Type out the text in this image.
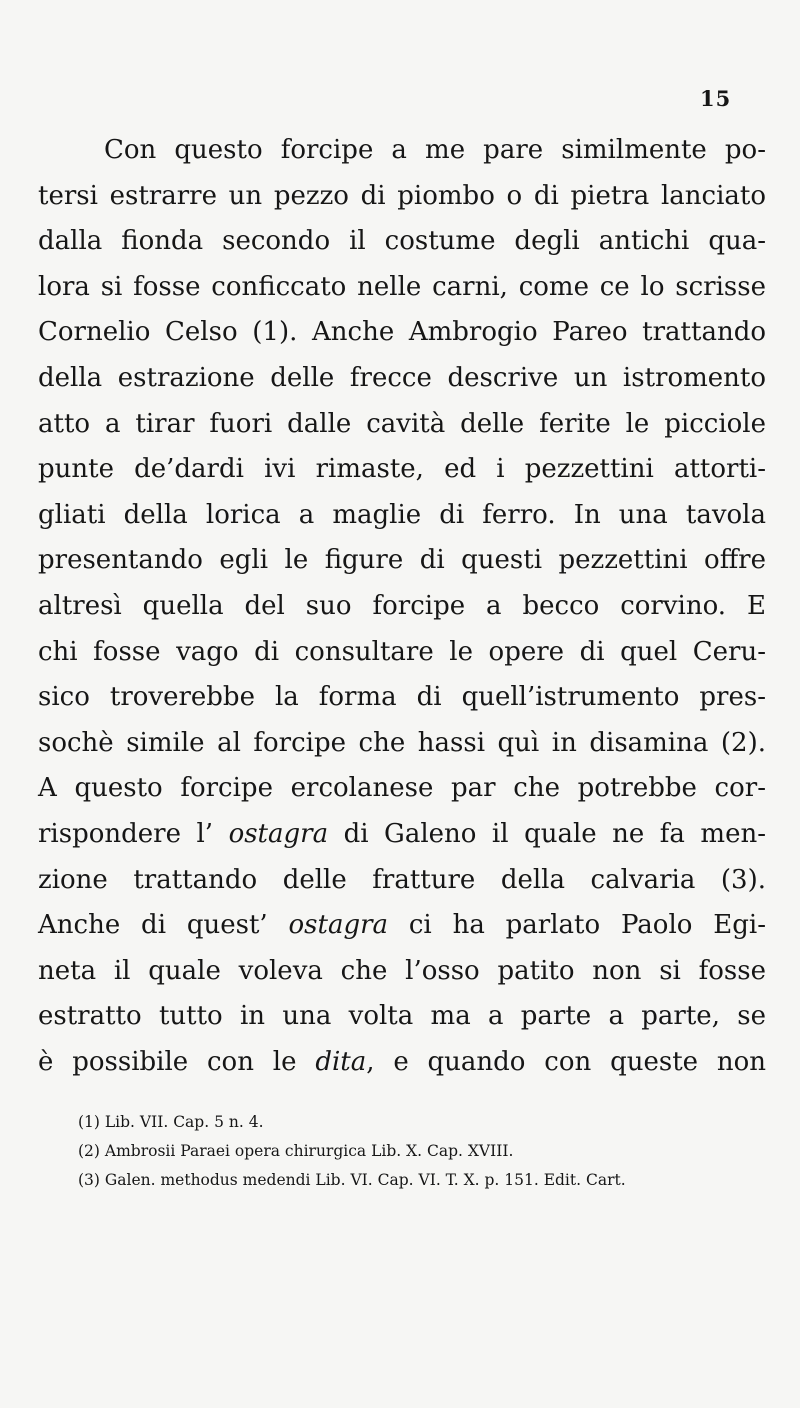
15
Con questo forcipe a me pare similmente po-
tersi estrarre un pezzo di piombo o di pietra lanciato
dalla fionda secondo il costume degli antichi qua-
lora si fosse conficcato nelle carni, come ce lo scrisse
Cornelio Celso (1). Anche Ambrogio Pareo trattando
della estrazione delle frecce descrive un istromento
atto a tirar fuori dalle cavità delle ferite le picciole
punte de’dardi ivi rimaste, ed i pezzettini attorti-
gliati della lorica a maglie di ferro. In una tavola
presentando egli le figure di questi pezzettini offre
altresì quella del suo forcipe a becco corvino. E
chi fosse vago di consultare le opere di quel Ceru-
sico troverebbe la forma di quell’istrumento pres-
sochè simile al forcipe che hassi quì in disamina (2).
A questo forcipe ercolanese par che potrebbe cor-
rispondere l’ ostagra di Galeno il quale ne fa men-
zione trattando delle fratture della calvaria (3).
Anche di quest’ ostagra ci ha parlato Paolo Egi-
neta il quale voleva che l’osso patito non si fosse
estratto tutto in una volta ma a parte a parte, se
è possibile con le dita, e quando con queste non
(1) Lib. VII. Cap. 5 n. 4.
(2) Ambrosii Paraei opera chirurgica Lib. X. Cap. XVIII.
(3) Galen. methodus medendi Lib. VI. Cap. VI. T. X. p. 151. Edit. Cart.
